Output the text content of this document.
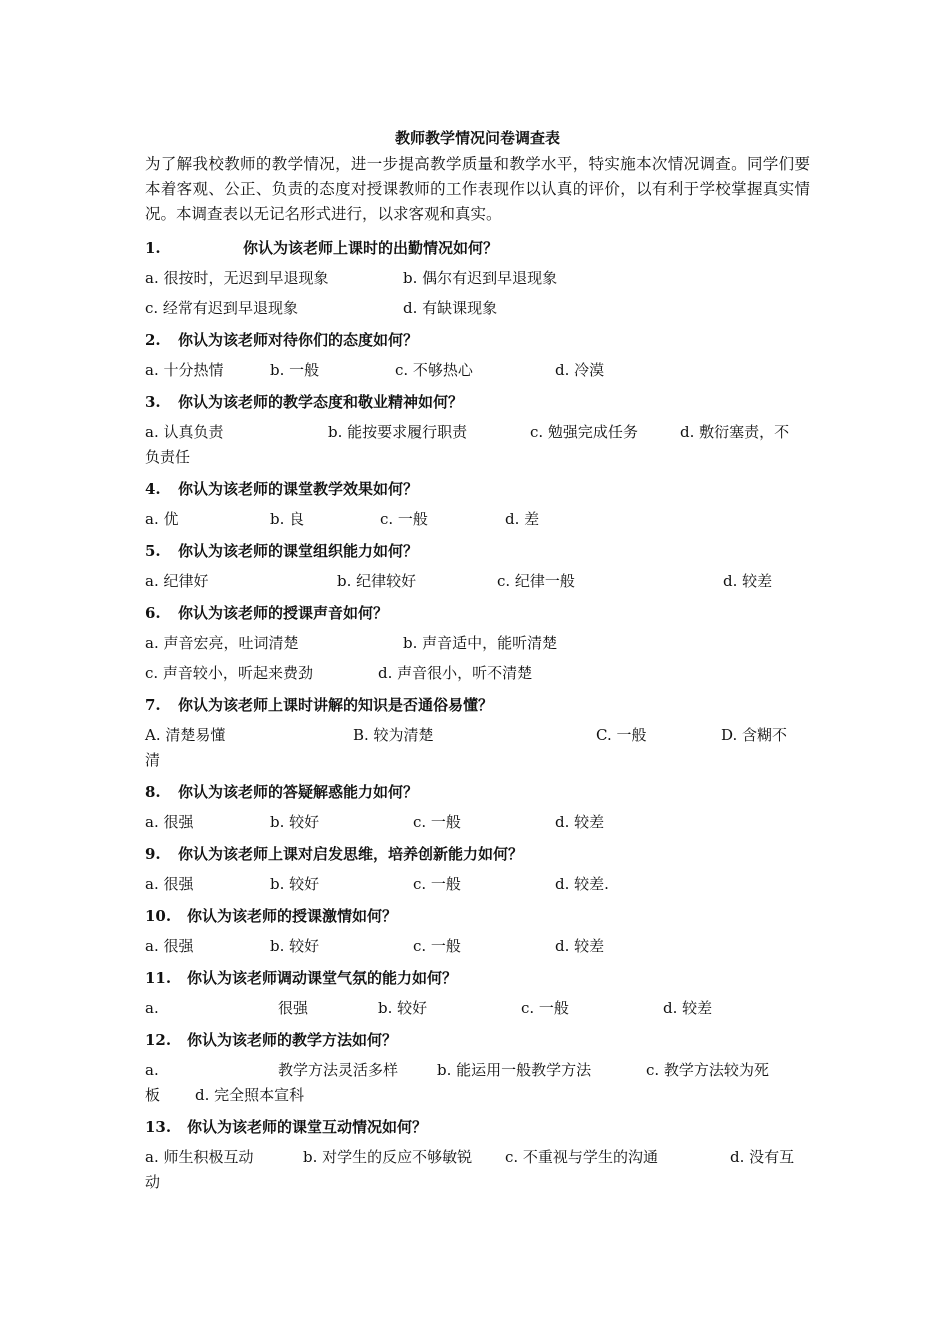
教师教学情况问卷调查表
为了解我校教师的教学情况，进一步提高教学质量和教学水平，特实施本次情况调查。同学们要本着客观、公正、负责的态度对授课教师的工作表现作以认真的评价，以有利于学校掌握真实情况。本调查表以无记名形式进行，以求客观和真实。
1.	你认为该老师上课时的出勤情况如何？
a. 很按时，无迟到早退现象	b. 偶尔有迟到早退现象
c. 经常有迟到早退现象	d. 有缺课现象
2. 你认为该老师对待你们的态度如何？
a. 十分热情	b. 一般	c. 不够热心	d. 冷漠
3. 你认为该老师的教学态度和敬业精神如何？
a. 认真负责	b. 能按要求履行职责	c. 勉强完成任务	d. 敷衍塞责，不
负责任
4. 你认为该老师的课堂教学效果如何？
a. 优	b. 良	c. 一般	d. 差
5. 你认为该老师的课堂组织能力如何？
a. 纪律好	b. 纪律较好	c. 纪律一般	d. 较差
6. 你认为该老师的授课声音如何？
a. 声音宏亮，吐词清楚	b. 声音适中，能听清楚
c. 声音较小，听起来费劲	d. 声音很小，听不清楚
7. 你认为该老师上课时讲解的知识是否通俗易懂？
A. 清楚易懂	B. 较为清楚	C. 一般	D. 含糊不
清
8. 你认为该老师的答疑解惑能力如何？
a. 很强	b. 较好	c. 一般	d. 较差
9. 你认为该老师上课对启发思维，培养创新能力如何？
a. 很强	b. 较好	c. 一般	d. 较差.
10. 你认为该老师的授课激情如何？
a. 很强	b. 较好	c. 一般	d. 较差
11. 你认为该老师调动课堂气氛的能力如何？
a.	很强	b. 较好	c. 一般	d. 较差
12. 你认为该老师的教学方法如何？
a.	教学方法灵活多样	b. 能运用一般教学方法	c. 教学方法较为死
板 d. 完全照本宣科
13. 你认为该老师的课堂互动情况如何？
a. 师生积极互动	b. 对学生的反应不够敏锐 c. 不重视与学生的沟通	d. 没有互
动
